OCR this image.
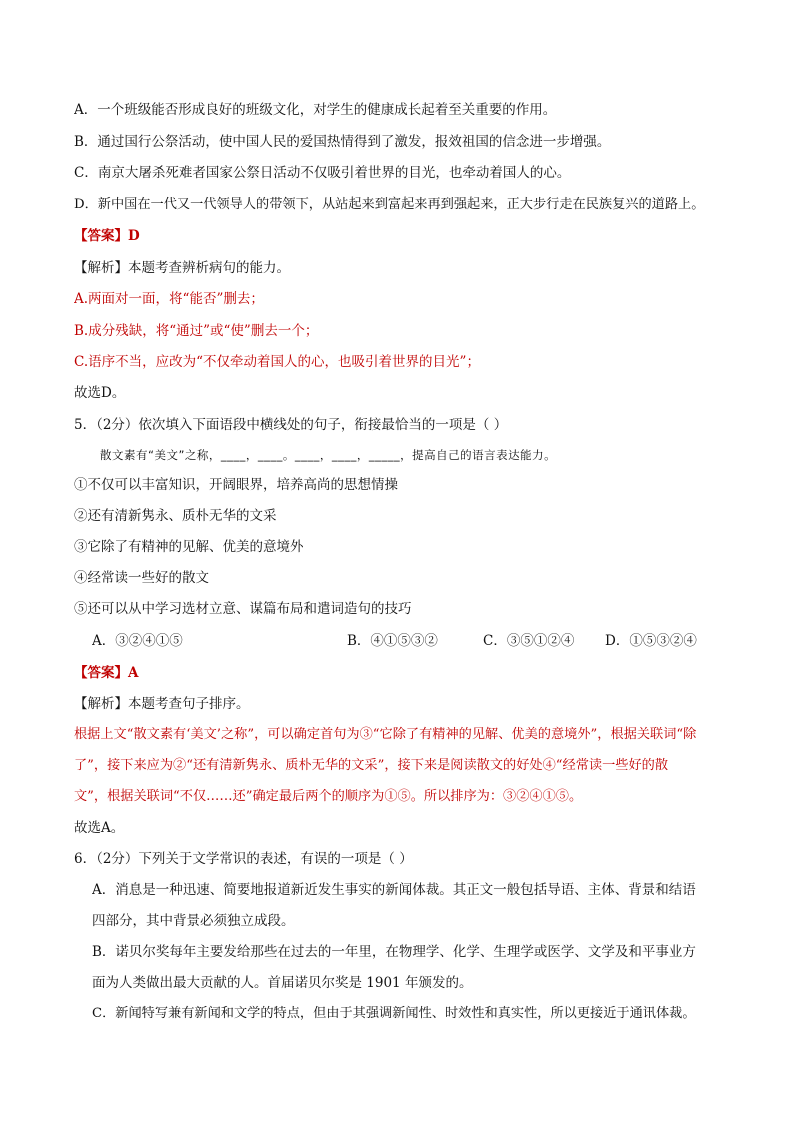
A．一个班级能否形成良好的班级文化，对学生的健康成长起着至关重要的作用。
B．通过国行公祭活动，使中国人民的爱国热情得到了激发，报效祖国的信念进一步增强。
C．南京大屠杀死难者国家公祭日活动不仅吸引着世界的目光，也牵动着国人的心。
D．新中国在一代又一代领导人的带领下，从站起来到富起来再到强起来，正大步行走在民族复兴的道路上。
【答案】D
【解析】本题考查辨析病句的能力。
A.两面对一面，将“能否”删去；
B.成分残缺，将“通过”或“使”删去一个；
C.语序不当，应改为“不仅牵动着国人的心，也吸引着世界的目光”；
故选D。
5．（2分）依次填入下面语段中横线处的句子，衔接最恰当的一项是（ ）
散文素有“美文”之称，____，____。____，____，_____，提高自己的语言表达能力。
①不仅可以丰富知识，开阔眼界，培养高尚的思想情操
②还有清新隽永、质朴无华的文采
③它除了有精神的见解、优美的意境外
④经常读一些好的散文
⑤还可以从中学习选材立意、谋篇布局和遣词造句的技巧
A．③②④①⑤	B．④①⑤③②	C．③⑤①②④ D．①⑤③②④
【答案】A
【解析】本题考查句子排序。
根据上文“散文素有‘美文’之称”，可以确定首句为③“它除了有精神的见解、优美的意境外”，根据关联词“除
了”，接下来应为②“还有清新隽永、质朴无华的文采”，接下来是阅读散文的好处④“经常读一些好的散
文”，根据关联词“不仅……还”确定最后两个的顺序为①⑤。所以排序为：③②④①⑤。
故选A。
6．（2分）下列关于文学常识的表述，有误的一项是（ ）
A．消息是一种迅速、简要地报道新近发生事实的新闻体裁。其正文一般包括导语、主体、背景和结语
四部分，其中背景必须独立成段。
B．诺贝尔奖每年主要发给那些在过去的一年里，在物理学、化学、生理学或医学、文学及和平事业方
面为人类做出最大贡献的人。首届诺贝尔奖是 1901 年颁发的。
C．新闻特写兼有新闻和文学的特点，但由于其强调新闻性、时效性和真实性，所以更接近于通讯体裁。
